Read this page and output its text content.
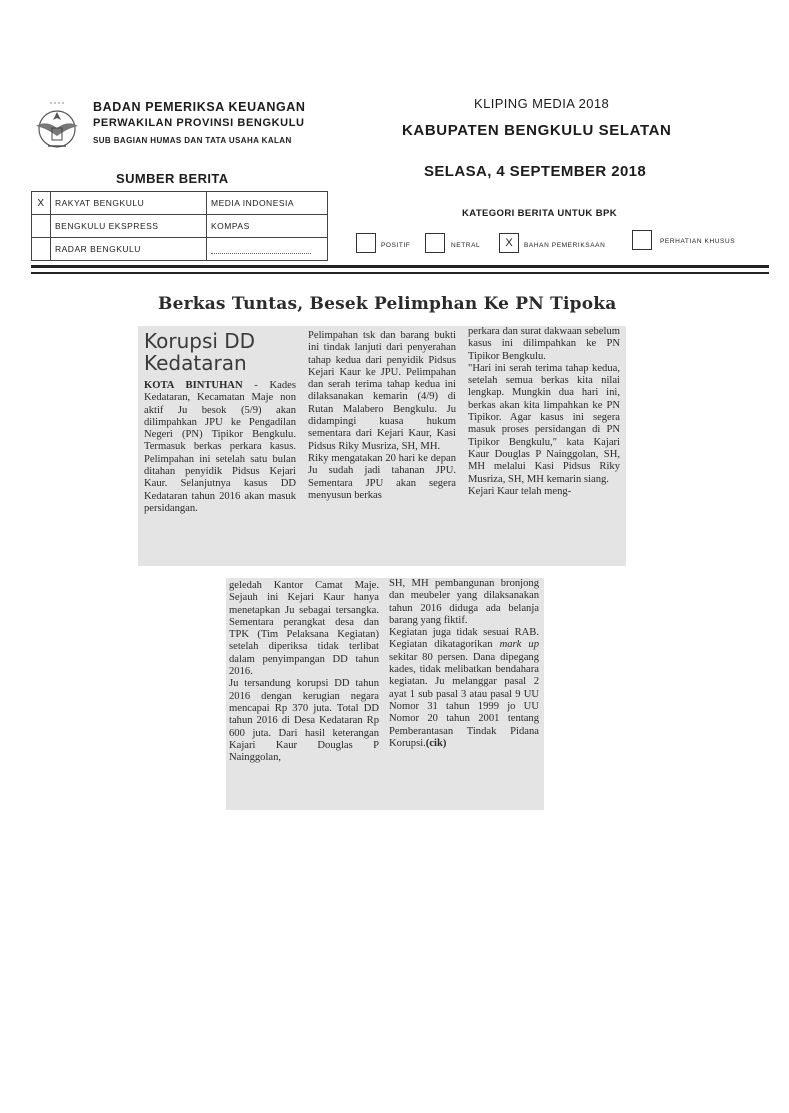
BADAN PEMERIKSA KEUANGAN
PERWAKILAN PROVINSI BENGKULU
SUB BAGIAN HUMAS DAN TATA USAHA KALAN
KLIPING MEDIA 2018
KABUPATEN BENGKULU SELATAN
SELASA, 4 SEPTEMBER 2018
SUMBER BERITA
X	RAKYAT BENGKULU	MEDIA INDONESIA
	BENGKULU EKSPRESS	KOMPAS
	RADAR BENGKULU	
KATEGORI BERITA UNTUK BPK
POSITIF	NETRAL	X	BAHAN PEMERIKSAAN
PERHATIAN KHUSUS
Berkas Tuntas, Besek Pelimphan Ke PN Tipoka

Korupsi DD
Kedataran

KOTA BINTUHAN - Kades Kedataran, Kecamatan Maje non aktif Ju besok (5/9) akan dilimpahkan JPU ke Pengadilan Negeri (PN) Tipikor Bengkulu. Termasuk berkas perkara kasus. Pelimpahan ini setelah satu bulan ditahan penyidik Pidsus Kejari Kaur. Selanjutnya kasus DD Kedataran tahun 2016 akan masuk persidangan.

Pelimpahan tsk dan barang bukti ini tindak lanjuti dari penyerahan tahap kedua dari penyidik Pidsus Kejari Kaur ke JPU. Pelimpahan dan serah terima tahap kedua ini dilaksanakan kemarin (4/9) di Rutan Malabero Bengkulu. Ju didampingi kuasa hukum sementara dari Kejari Kaur, Kasi Pidsus Riky Musriza, SH, MH.
Riky mengatakan 20 hari ke depan Ju sudah jadi tahanan JPU. Sementara JPU akan segera menyusun berkas

perkara dan surat dakwaan sebelum kasus ini dilimpahkan ke PN Tipikor Bengkulu.
"Hari ini serah terima tahap kedua, setelah semua berkas kita nilai lengkap. Mungkin dua hari ini, berkas akan kita limpahkan ke PN Tipikor. Agar kasus ini segera masuk proses persidangan di PN Tipikor Bengkulu," kata Kajari Kaur Douglas P Nainggolan, SH, MH melalui Kasi Pidsus Riky Musriza, SH, MH kemarin siang.
Kejari Kaur telah meng-

geledah Kantor Camat Maje. Sejauh ini Kejari Kaur hanya menetapkan Ju sebagai tersangka. Sementara perangkat desa dan TPK (Tim Pelaksana Kegiatan) setelah diperiksa tidak terlibat dalam penyimpangan DD tahun 2016.
Ju tersandung korupsi DD tahun 2016 dengan kerugian negara mencapai Rp 370 juta. Total DD tahun 2016 di Desa Kedataran Rp 600 juta. Dari hasil keterangan Kajari Kaur Douglas P Nainggolan,

SH, MH pembangunan bronjong dan meubeler yang dilaksanakan tahun 2016 diduga ada belanja barang yang fiktif.
Kegiatan juga tidak sesuai RAB. Kegiatan dikatagorikan mark up sekitar 80 persen. Dana dipegang kades, tidak melibatkan bendahara kegiatan. Ju melanggar pasal 2 ayat 1 sub pasal 3 atau pasal 9 UU Nomor 31 tahun 1999 jo UU Nomor 20 tahun 2001 tentang Pemberantasan Tindak Pidana Korupsi.(cik)
